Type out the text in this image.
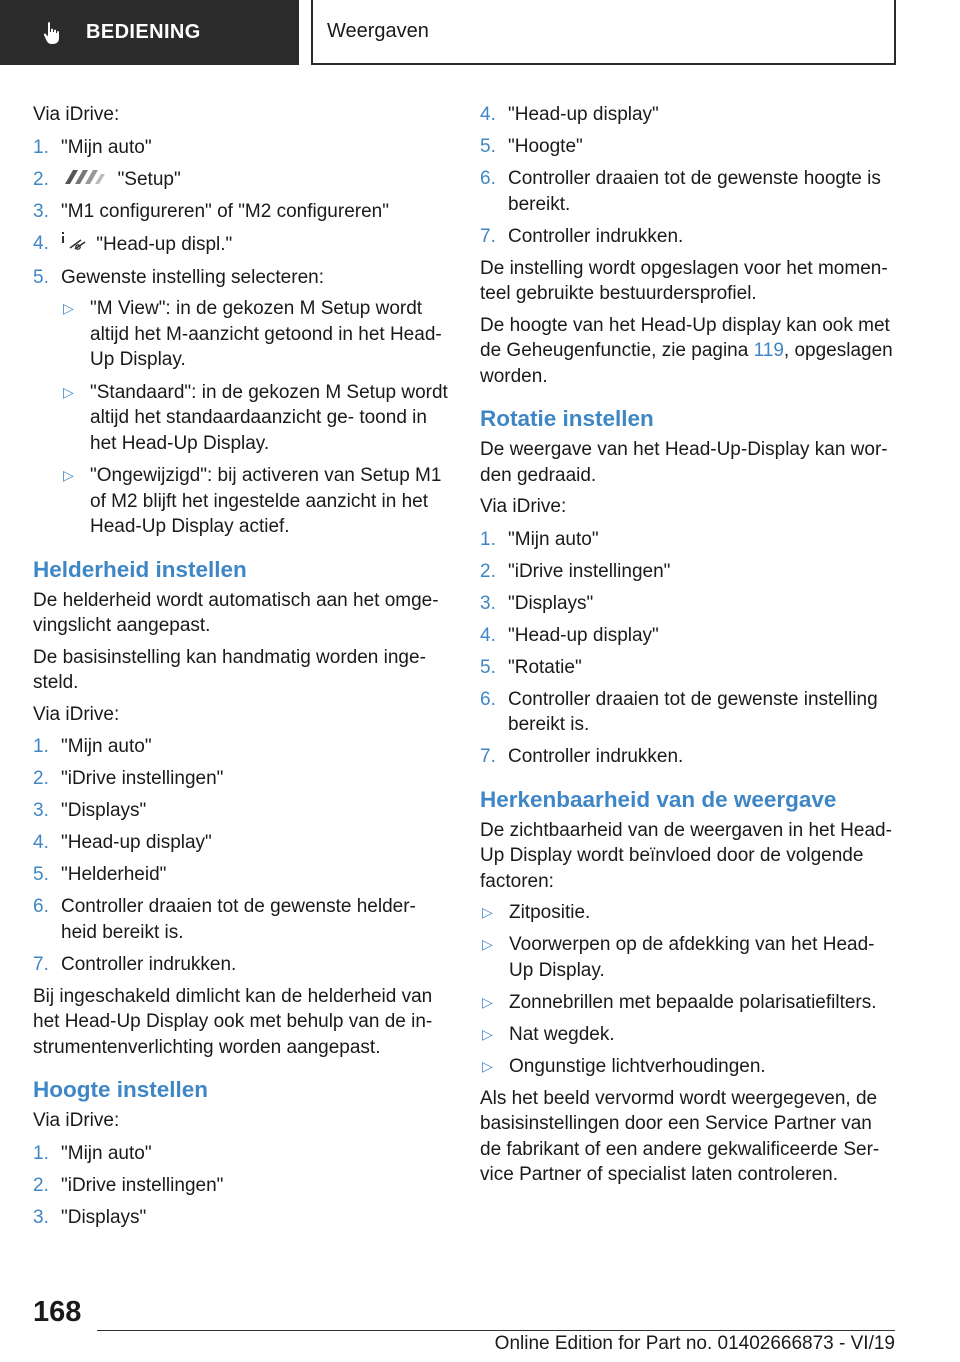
BEDIENING	Weergaven

Via iDrive:

1. "Mijn auto"
2.	"Setup"
3. "M1 configureren" of "M2 configureren"
4. "Head-up displ."
5. Gewenste instelling selecteren:
▷ "M View": in de gekozen M Setup wordt altijd het M-aanzicht getoond in het Head-Up Display.
▷ "Standaard": in de gekozen M Setup wordt altijd het standaardaanzicht ge- toond in het Head-Up Display.
▷ "Ongewijzigd": bij activeren van Setup M1 of M2 blijft het ingestelde aanzicht in het Head-Up Display actief.
Helderheid instellen

De helderheid wordt automatisch aan het omge- vingslicht aangepast.

De basisinstelling kan handmatig worden inge- steld.

Via iDrive:

1. "Mijn auto"
2. "iDrive instellingen"
3. "Displays"
4. "Head-up display"
5. "Helderheid"
6. Controller draaien tot de gewenste helder- heid bereikt is.
7. Controller indrukken.

Bij ingeschakeld dimlicht kan de helderheid van het Head-Up Display ook met behulp van de in- strumentenverlichting worden aangepast.

Hoogte instellen

Via iDrive:

1. "Mijn auto"
2. "iDrive instellingen"
3. "Displays"
4. "Head-up display"
5. "Hoogte"
6. Controller draaien tot de gewenste hoogte is bereikt.
7. Controller indrukken.

De instelling wordt opgeslagen voor het momen- teel gebruikte bestuurdersprofiel.

De hoogte van het Head-Up display kan ook met de Geheugenfunctie, zie pagina 119, opgeslagen worden.

Rotatie instellen

De weergave van het Head-Up-Display kan wor- den gedraaid.

Via iDrive:

1. "Mijn auto"
2. "iDrive instellingen"
3. "Displays"
4. "Head-up display"
5. "Rotatie"
6. Controller draaien tot de gewenste instelling bereikt is.
7. Controller indrukken.
Herkenbaarheid van de weergave

De zichtbaarheid van de weergaven in het Head- Up Display wordt beïnvloed door de volgende factoren:

▷ Zitpositie.
▷ Voorwerpen op de afdekking van het Head- Up Display.
▷ Zonnebrillen met bepaalde polarisatiefilters.
▷ Nat wegdek.
▷ Ongunstige lichtverhoudingen.

Als het beeld vervormd wordt weergegeven, de basisinstellingen door een Service Partner van de fabrikant of een andere gekwalificeerde Ser- vice Partner of specialist laten controleren.

168
Online Edition for Part no. 01402666873 - VI/19
